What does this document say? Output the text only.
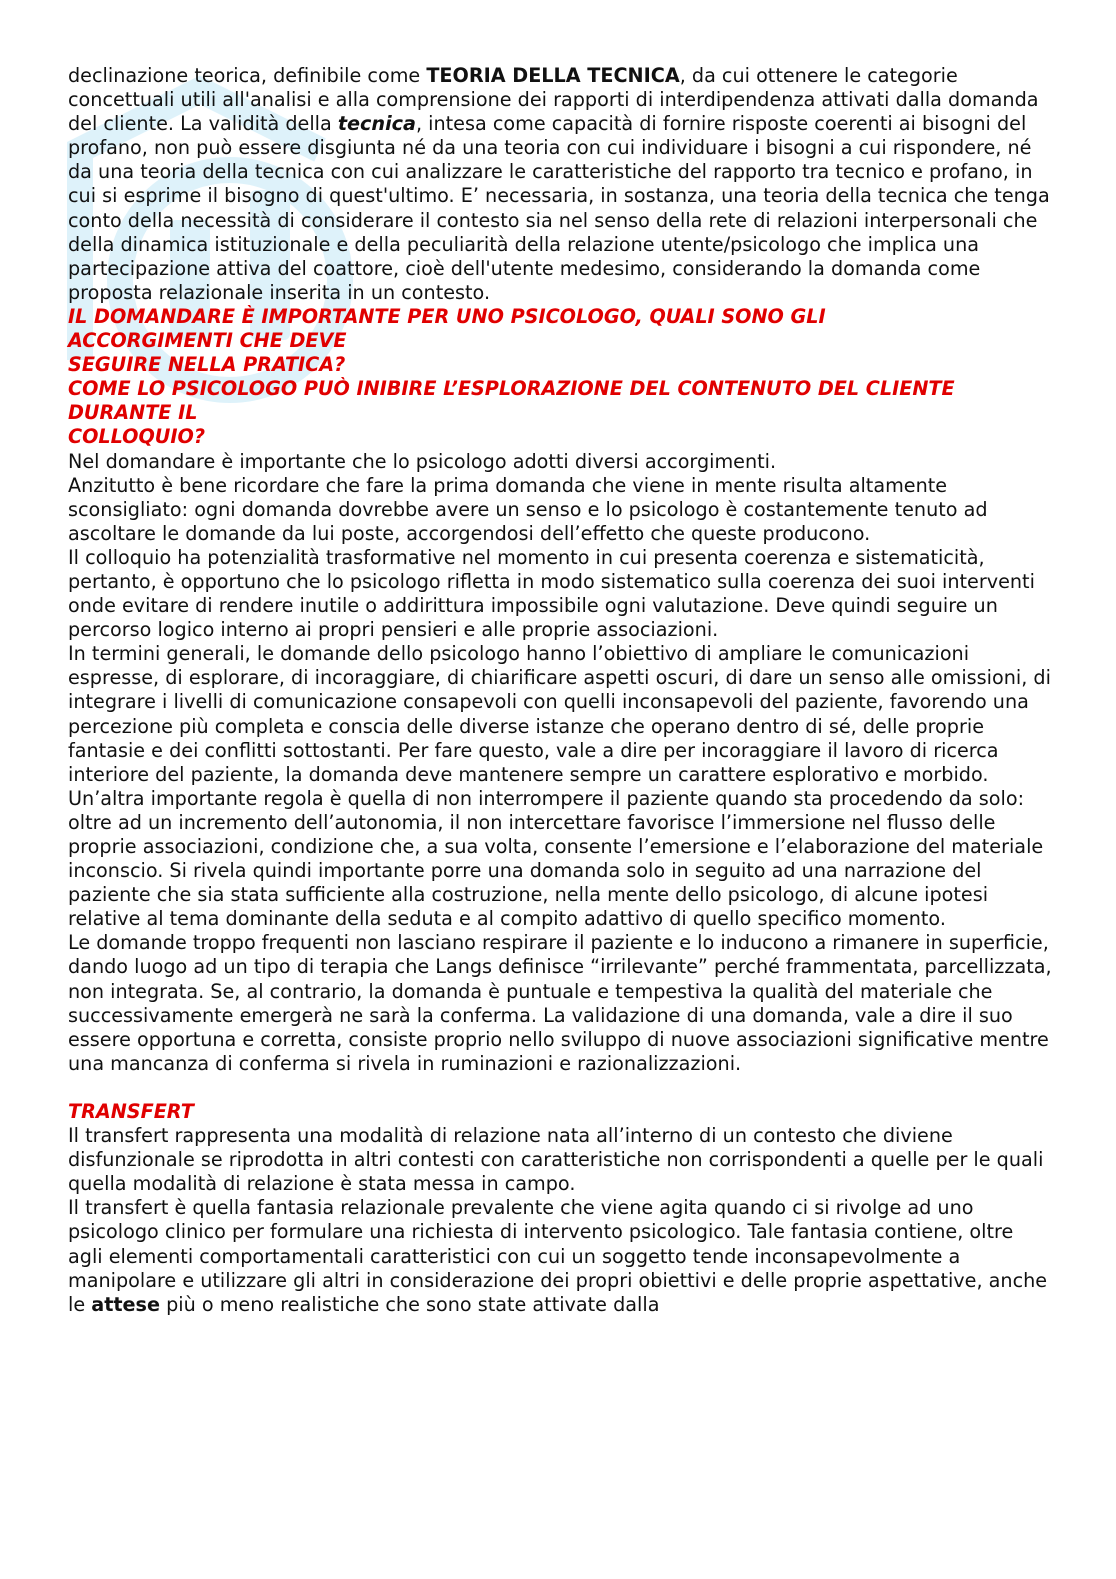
declinazione teorica, definibile come TEORIA DELLA TECNICA, da cui ottenere le categorie concettuali utili all'analisi e alla comprensione dei rapporti di interdipendenza attivati dalla domanda del cliente. La validità della tecnica, intesa come capacità di fornire risposte coerenti ai bisogni del profano, non può essere disgiunta né da una teoria con cui individuare i bisogni a cui rispondere, né da una teoria della tecnica con cui analizzare le caratteristiche del rapporto tra tecnico e profano, in cui si esprime il bisogno di quest'ultimo. E’ necessaria, in sostanza, una teoria della tecnica che tenga conto della necessità di considerare il contesto sia nel senso della rete di relazioni interpersonali che della dinamica istituzionale e della peculiarità della relazione utente/psicologo che implica una partecipazione attiva del coattore, cioè dell'utente medesimo, considerando la domanda come proposta relazionale inserita in un contesto.

IL DOMANDARE È IMPORTANTE PER UNO PSICOLOGO, QUALI SONO GLI
ACCORGIMENTI CHE DEVE
SEGUIRE NELLA PRATICA?
COME LO PSICOLOGO PUÒ INIBIRE L’ESPLORAZIONE DEL CONTENUTO DEL CLIENTE
DURANTE IL
COLLOQUIO?

Nel domandare è importante che lo psicologo adotti diversi accorgimenti.

Anzitutto è bene ricordare che fare la prima domanda che viene in mente risulta altamente sconsigliato: ogni domanda dovrebbe avere un senso e lo psicologo è costantemente tenuto ad ascoltare le domande da lui poste, accorgendosi dell’effetto che queste producono.

Il colloquio ha potenzialità trasformative nel momento in cui presenta coerenza e sistematicità, pertanto, è opportuno che lo psicologo rifletta in modo sistematico sulla coerenza dei suoi interventi onde evitare di rendere inutile o addirittura impossibile ogni valutazione. Deve quindi seguire un percorso logico interno ai propri pensieri e alle proprie associazioni.

In termini generali, le domande dello psicologo hanno l’obiettivo di ampliare le comunicazioni espresse, di esplorare, di incoraggiare, di chiarificare aspetti oscuri, di dare un senso alle omissioni, di integrare i livelli di comunicazione consapevoli con quelli inconsapevoli del paziente, favorendo una percezione più completa e conscia delle diverse istanze che operano dentro di sé, delle proprie fantasie e dei conflitti sottostanti. Per fare questo, vale a dire per incoraggiare il lavoro di ricerca interiore del paziente, la domanda deve mantenere sempre un carattere esplorativo e morbido.

Un’altra importante regola è quella di non interrompere il paziente quando sta procedendo da solo: oltre ad un incremento dell’autonomia, il non intercettare favorisce l’immersione nel flusso delle proprie associazioni, condizione che, a sua volta, consente l’emersione e l’elaborazione del materiale inconscio. Si rivela quindi importante porre una domanda solo in seguito ad una narrazione del paziente che sia stata sufficiente alla costruzione, nella mente dello psicologo, di alcune ipotesi relative al tema dominante della seduta e al compito adattivo di quello specifico momento.

Le domande troppo frequenti non lasciano respirare il paziente e lo inducono a rimanere in superficie, dando luogo ad un tipo di terapia che Langs definisce “irrilevante” perché frammentata, parcellizzata, non integrata. Se, al contrario, la domanda è puntuale e tempestiva la qualità del materiale che successivamente emergerà ne sarà la conferma. La validazione di una domanda, vale a dire il suo essere opportuna e corretta, consiste proprio nello sviluppo di nuove associazioni significative mentre una mancanza di conferma si rivela in ruminazioni e razionalizzazioni.

TRANSFERT

Il transfert rappresenta una modalità di relazione nata all’interno di un contesto che diviene disfunzionale se riprodotta in altri contesti con caratteristiche non corrispondenti a quelle per le quali quella modalità di relazione è stata messa in campo.

Il transfert è quella fantasia relazionale prevalente che viene agita quando ci si rivolge ad uno psicologo clinico per formulare una richiesta di intervento psicologico. Tale fantasia contiene, oltre agli elementi comportamentali caratteristici con cui un soggetto tende inconsapevolmente a manipolare e utilizzare gli altri in considerazione dei propri obiettivi e delle proprie aspettative, anche le attese più o meno realistiche che sono state attivate dalla
